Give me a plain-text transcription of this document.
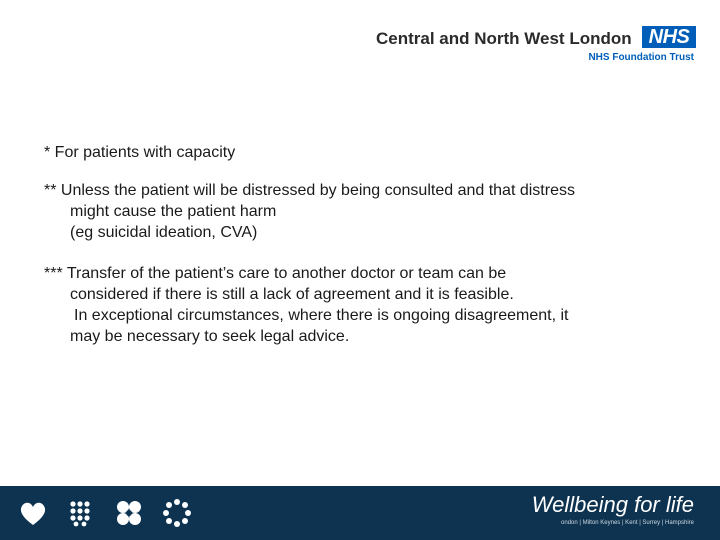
Central and North West London NHS
NHS Foundation Trust

* For patients with capacity

** Unless the patient will be distressed by being consulted and that distress
might cause the patient harm
(eg suicidal ideation, CVA)
*** Transfer of the patient’s care to another doctor or team can be
considered if there is still a lack of agreement and it is feasible.
In exceptional circumstances, where there is ongoing disagreement, it
may be necessary to seek legal advice.
Wellbeing for life
ondon | Milton Keynes | Kent | Surrey | Hampshire
